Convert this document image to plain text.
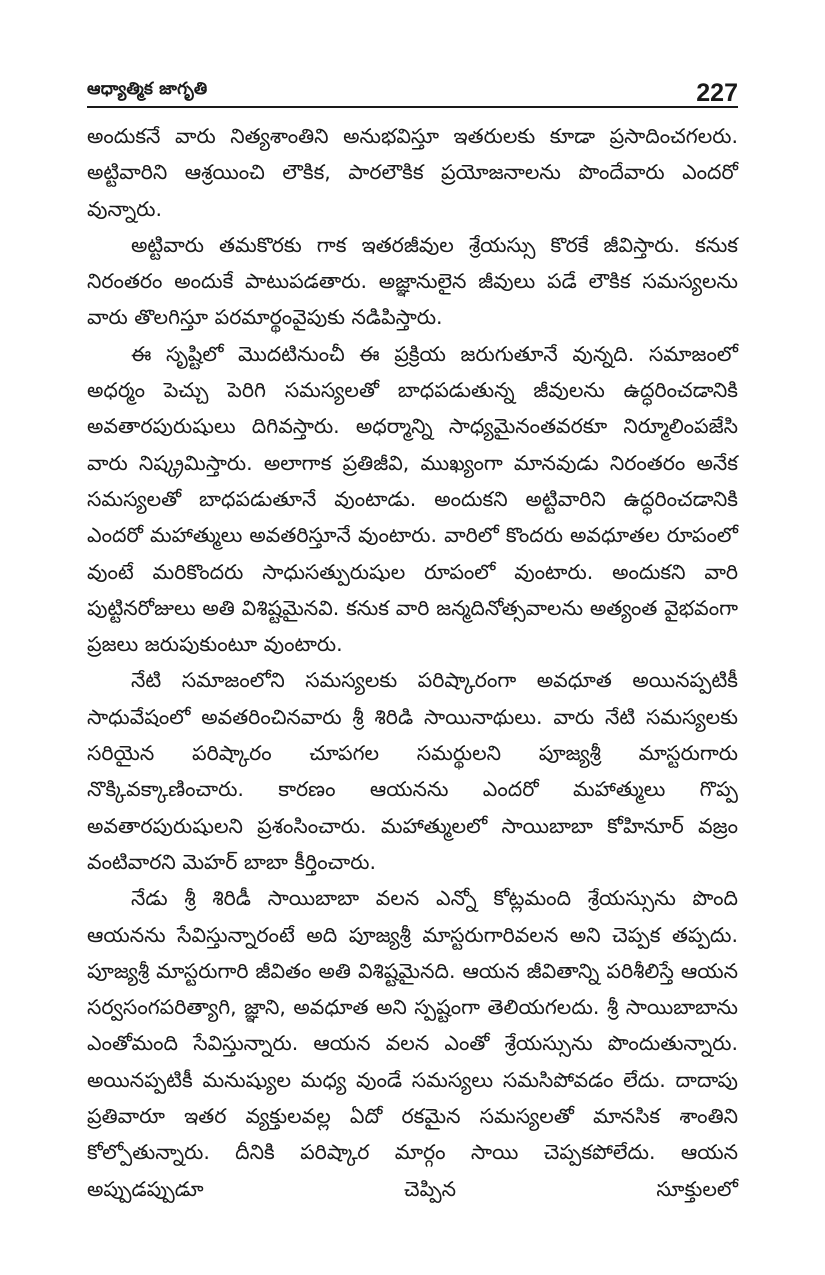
ఆధ్యాత్మిక జాగృతి	227

అందుకనే వారు నిత్యశాంతిని అనుభవిస్తూ ఇతరులకు కూడా ప్రసాదించగలరు. అట్టివారిని ఆశ్రయించి లౌకిక, పారలౌకిక ప్రయోజనాలను పొందేవారు ఎందరో వున్నారు.

అట్టివారు తమకొరకు గాక ఇతరజీవుల శ్రేయస్సు కొరకే జీవిస్తారు. కనుక నిరంతరం అందుకే పాటుపడతారు. అజ్ఞానులైన జీవులు పడే లౌకిక సమస్యలను వారు తొలగిస్తూ పరమార్థంవైపుకు నడిపిస్తారు.

ఈ సృష్టిలో మొదటినుంచీ ఈ ప్రక్రియ జరుగుతూనే వున్నది. సమాజంలో అధర్మం పెచ్చు పెరిగి సమస్యలతో బాధపడుతున్న జీవులను ఉద్ధరించడానికి అవతారపురుషులు దిగివస్తారు. అధర్మాన్ని సాధ్యమైనంతవరకూ నిర్మూలింపజేసి వారు నిష్క్రమిస్తారు. అలాగాక ప్రతిజీవి, ముఖ్యంగా మానవుడు నిరంతరం అనేక సమస్యలతో బాధపడుతూనే వుంటాడు. అందుకని అట్టివారిని ఉద్ధరించడానికి ఎందరో మహాత్ములు అవతరిస్తూనే వుంటారు. వారిలో కొందరు అవధూతల రూపంలో వుంటే మరికొందరు సాధుసత్పురుషుల రూపంలో వుంటారు. అందుకని వారి పుట్టినరోజులు అతి విశిష్టమైనవి. కనుక వారి జన్మదినోత్సవాలను అత్యంత వైభవంగా ప్రజలు జరుపుకుంటూ వుంటారు.

నేటి సమాజంలోని సమస్యలకు పరిష్కారంగా అవధూత అయినప్పటికీ సాధువేషంలో అవతరించినవారు శ్రీ శిరిడి సాయినాథులు. వారు నేటి సమస్యలకు సరియైన పరిష్కారం చూపగల సమర్థులని పూజ్యశ్రీ మాస్టరుగారు నొక్కివక్కాణించారు. కారణం ఆయనను ఎందరో మహాత్ములు గొప్ప అవతారపురుషులని ప్రశంసించారు. మహాత్ములలో సాయిబాబా కోహినూర్ వజ్రం వంటివారని మెహర్ బాబా కీర్తించారు.

నేడు శ్రీ శిరిడీ సాయిబాబా వలన ఎన్నో కోట్లమంది శ్రేయస్సును పొంది ఆయనను సేవిస్తున్నారంటే అది పూజ్యశ్రీ మాస్టరుగారివలన అని చెప్పక తప్పదు. పూజ్యశ్రీ మాస్టరుగారి జీవితం అతి విశిష్టమైనది. ఆయన జీవితాన్ని పరిశీలిస్తే ఆయన సర్వసంగపరిత్యాగి, జ్ఞాని, అవధూత అని స్పష్టంగా తెలియగలదు. శ్రీ సాయిబాబాను ఎంతోమంది సేవిస్తున్నారు. ఆయన వలన ఎంతో శ్రేయస్సును పొందుతున్నారు. అయినప్పటికీ మనుష్యుల మధ్య వుండే సమస్యలు సమసిపోవడం లేదు. దాదాపు ప్రతివారూ ఇతర వ్యక్తులవల్ల ఏదో రకమైన సమస్యలతో మానసిక శాంతిని కోల్పోతున్నారు. దీనికి పరిష్కార మార్గం సాయి చెప్పకపోలేదు. ఆయన అప్పుడప్పుడూ చెప్పిన సూక్తులలో
